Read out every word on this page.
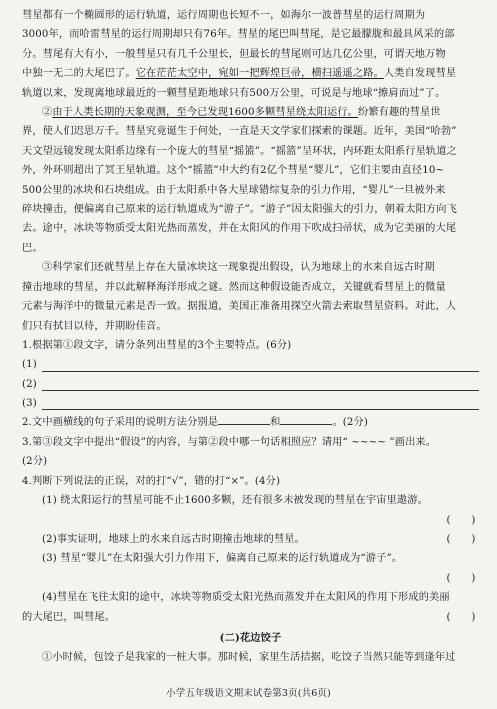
彗星都有一个椭圆形的运行轨道，运行周期也长短不一，如海尔一波普彗星的运行周期为

3000年，而哈雷彗星的运行周期却只有76年。彗星的尾巴叫彗尾，是它最朦胧和最具风采的部

分。彗尾有大有小，一般彗星只有几千公里长，但最长的彗尾则可达几亿公里，可谓天地万物

中独一无二的大尾巴了。它在茫茫太空中，宛如一把辉煌巨帚，横扫遥遥之路。人类自发现彗星

轨道以来，发现离地球最近的一颗彗星距地球只有500万公里，可说是与地球“擦肩而过”了。

②由于人类长期的天象观测，至今已发现1600多颗彗星绕太阳运行。纷繁有趣的彗星世

界，使人们迟思万千。彗星究竟诞生于何处，一直是天文学家们探索的课题。近年，美国“哈勃”

天文望远镜发现太阳系边缘有一个庞大的彗星“摇篮”。“摇篮”呈环状，内环距太阳系行星轨道之

外，外环则超出了冥王星轨道。这个“摇篮”中大约有2亿个彗星“婴儿”，它们主要由直径10~

500公里的冰块和石块组成。由于太阳系中各大星球错综复杂的引力作用，“婴儿”一旦被外来

碎块撞击，便偏离自己原来的运行轨道成为“游子”。“游子”因太阳强大的引力，朝着太阳方向飞

去。途中，冰块等物质受太阳光热而蒸发，并在太阳风的作用下吹成扫帚状，成为它美丽的大尾

巴。

③科学家们还就彗星上存在大量冰块这一现象提出假设，认为地球上的水来自远古时期

撞击地球的彗星，并以此解释海洋形成之谜。然而这种假设能否成立，关键就看彗星上的微量

元素与海洋中的微量元素是否一致。据报道，美国正准备用探空火箭去索取彗星资料。对此，人

们只有拭目以待，并期盼佳音。

1.根据第①段文字，请分条列出彗星的3个主要特点。(6分)

(1)
(2)
(3)

2.文中画横线的句子采用的说明方法分别是	和	。(2分)

3.第③段文字中提出“假设”的内容，与第②段中哪一句话相照应？请用“ ~~~~ ”画出来。

(2分)

4.判断下列说法的正误，对的打“√”，错的打“×”。(4分)

(1) 绕太阳运行的彗星可能不止1600多颗，还有很多未被发现的彗星在宇宙里遨游。

(　　)
(　　)

(2)事实证明，地球上的水来自远古时期撞击地球的彗星。

(3) 彗星“婴儿”在太阳强大引力作用下，偏离自己原来的运行轨道成为“游子”。

(　　)

(4)彗星在飞往太阳的途中，冰块等物质受太阳光热而蒸发并在太阳风的作用下形成的美丽

(　　)

的大尾巴，叫彗尾。

(二)花边饺子

①小时候，包饺子是我家的一桩大事。那时候，家里生活拮据，吃饺子当然只能等到逢年过

小学五年级语文期末试卷第3页(共6页)
